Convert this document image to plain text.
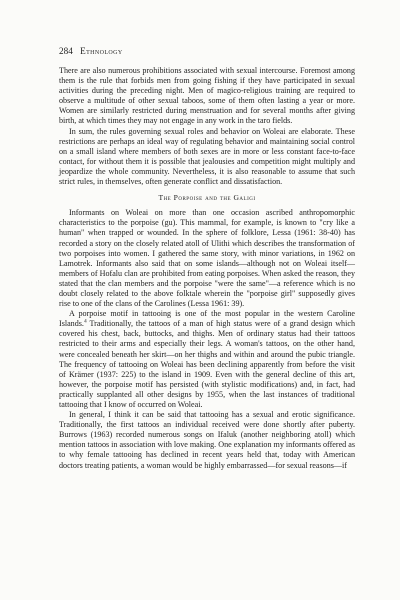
284 Ethnology

There are also numerous prohibitions associated with sexual intercourse. Foremost among them is the rule that forbids men from going fishing if they have participated in sexual activities during the preceding night. Men of magico-religious training are required to observe a multitude of other sexual taboos, some of them often lasting a year or more. Women are similarly restricted during menstruation and for several months after giving birth, at which times they may not engage in any work in the taro fields.

In sum, the rules governing sexual roles and behavior on Woleai are elaborate. These restrictions are perhaps an ideal way of regulating behavior and maintaining social control on a small island where members of both sexes are in more or less constant face-to-face contact, for without them it is possible that jealousies and competition might multiply and jeopardize the whole community. Nevertheless, it is also reasonable to assume that such strict rules, in themselves, often generate conflict and dissatisfaction.

The Porpoise and the Galigi

Informants on Woleai on more than one occasion ascribed anthropomorphic characteristics to the porpoise (gu). This mammal, for example, is known to "cry like a human" when trapped or wounded. In the sphere of folklore, Lessa (1961: 38-40) has recorded a story on the closely related atoll of Ulithi which describes the transformation of two porpoises into women. I gathered the same story, with minor variations, in 1962 on Lamotrek. Informants also said that on some islands—although not on Woleai itself—members of Hofalu clan are prohibited from eating porpoises. When asked the reason, they stated that the clan members and the porpoise "were the same"—a reference which is no doubt closely related to the above folktale wherein the "porpoise girl" supposedly gives rise to one of the clans of the Carolines (Lessa 1961: 39).

A porpoise motif in tattooing is one of the most popular in the western Caroline Islands.$^4$ Traditionally, the tattoos of a man of high status were of a grand design which covered his chest, back, buttocks, and thighs. Men of ordinary status had their tattoos restricted to their arms and especially their legs. A woman's tattoos, on the other hand, were concealed beneath her skirt—on her thighs and within and around the pubic triangle. The frequency of tattooing on Woleai has been declining apparently from before the visit of Krämer (1937: 225) to the island in 1909. Even with the general decline of this art, however, the porpoise motif has persisted (with stylistic modifications) and, in fact, had practically supplanted all other designs by 1955, when the last instances of traditional tattooing that I know of occurred on Woleai.

In general, I think it can be said that tattooing has a sexual and erotic significance. Traditionally, the first tattoos an individual received were done shortly after puberty. Burrows (1963) recorded numerous songs on Ifaluk (another neighboring atoll) which mention tattoos in association with love making. One explanation my informants offered as to why female tattooing has declined in recent years held that, today with American doctors treating patients, a woman would be highly embarrassed—for sexual reasons—if
